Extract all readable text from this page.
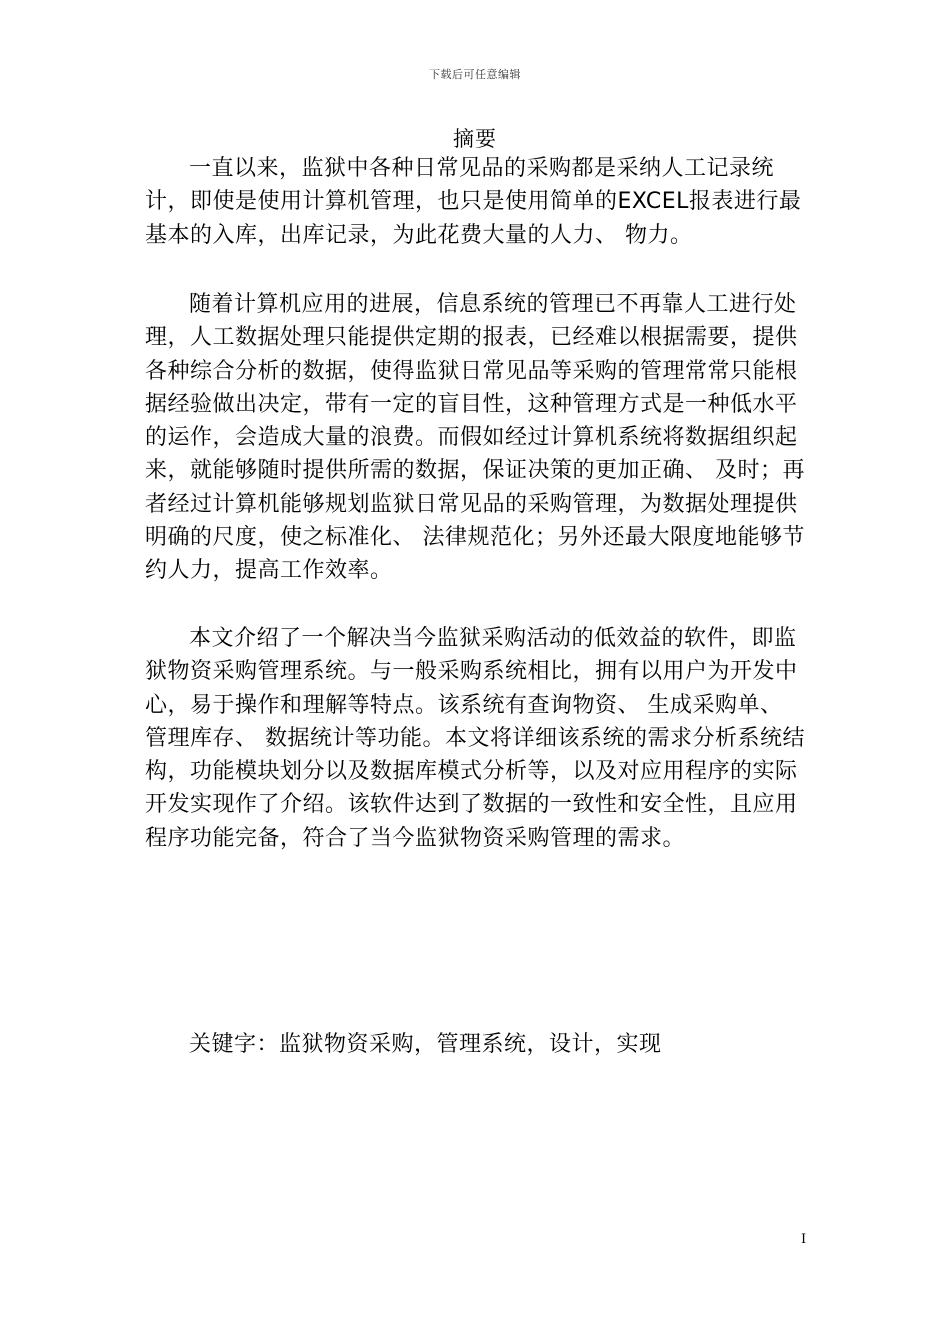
下载后可任意编辑
摘要

一直以来，监狱中各种日常见品的采购都是采纳人工记录统计，即使是使用计算机管理，也只是使用简单的EXCEL报表进行最基本的入库，出库记录，为此花费大量的人力、 物力。

随着计算机应用的进展，信息系统的管理已不再靠人工进行处理，人工数据处理只能提供定期的报表，已经难以根据需要，提供各种综合分析的数据，使得监狱日常见品等采购的管理常常只能根据经验做出决定，带有一定的盲目性，这种管理方式是一种低水平的运作，会造成大量的浪费。而假如经过计算机系统将数据组织起来，就能够随时提供所需的数据，保证决策的更加正确、 及时；再者经过计算机能够规划监狱日常见品的采购管理，为数据处理提供明确的尺度，使之标准化、 法律规范化；另外还最大限度地能够节约人力，提高工作效率。

本文介绍了一个解决当今监狱采购活动的低效益的软件，即监狱物资采购管理系统。与一般采购系统相比，拥有以用户为开发中心，易于操作和理解等特点。该系统有查询物资、 生成采购单、 管理库存、 数据统计等功能。本文将详细该系统的需求分析系统结构，功能模块划分以及数据库模式分析等，以及对应用程序的实际开发实现作了介绍。该软件达到了数据的一致性和安全性，且应用程序功能完备，符合了当今监狱物资采购管理的需求。

关键字：监狱物资采购，管理系统，设计，实现

I
